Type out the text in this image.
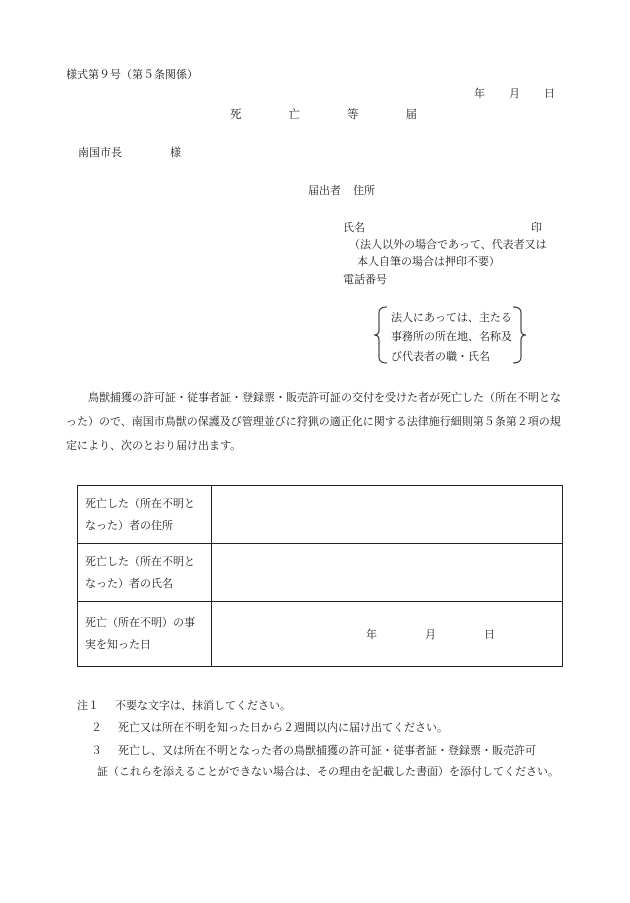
様式第９号（第５条関係）
年 月 日
死	亡	等	届
南国市長	様
届出者 住所
氏名	印
（法人以外の場合であって、代表者又は
本人自筆の場合は押印不要）
電話番号
法人にあっては、主たる
事務所の所在地、名称及
び代表者の職・氏名
鳥獣捕獲の許可証・従事者証・登録票・販売許可証の交付を受けた者が死亡した（所在不明となった）ので、南国市鳥獣の保護及び管理並びに狩猟の適正化に関する法律施行細則第５条第２項の規定により、次のとおり届け出ます。
死亡した（所在不明となった）者の住所	
死亡した（所在不明となった）者の氏名	
死亡（所在不明）の事実を知った日	年 月 日
注１ 不要な文字は、抹消してください。
２ 死亡又は所在不明を知った日から２週間以内に届け出てください。
３ 死亡し、又は所在不明となった者の鳥獣捕獲の許可証・従事者証・登録票・販売許可
証（これらを添えることができない場合は、その理由を記載した書面）を添付してください。
